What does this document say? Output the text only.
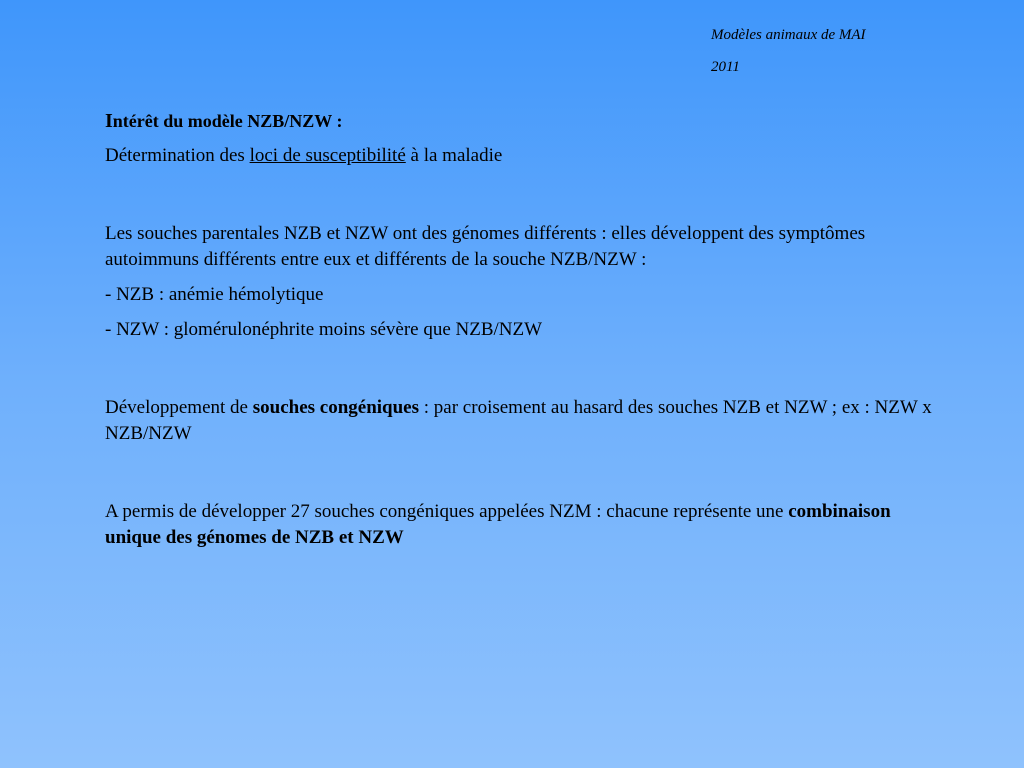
Modèles animaux de MAI
2011
Intérêt du modèle NZB/NZW :

Détermination des loci de susceptibilité à la maladie

Les souches parentales NZB et NZW ont des génomes différents : elles développent des symptômes autoimmuns différents entre eux et différents de la souche NZB/NZW :

- NZB : anémie hémolytique

- NZW : glomérulonéphrite moins sévère que NZB/NZW

Développement de souches congéniques : par croisement au hasard des souches NZB et NZW ; ex : NZW x NZB/NZW

A permis de développer 27 souches congéniques appelées NZM : chacune représente une combinaison unique des génomes de NZB et NZW
